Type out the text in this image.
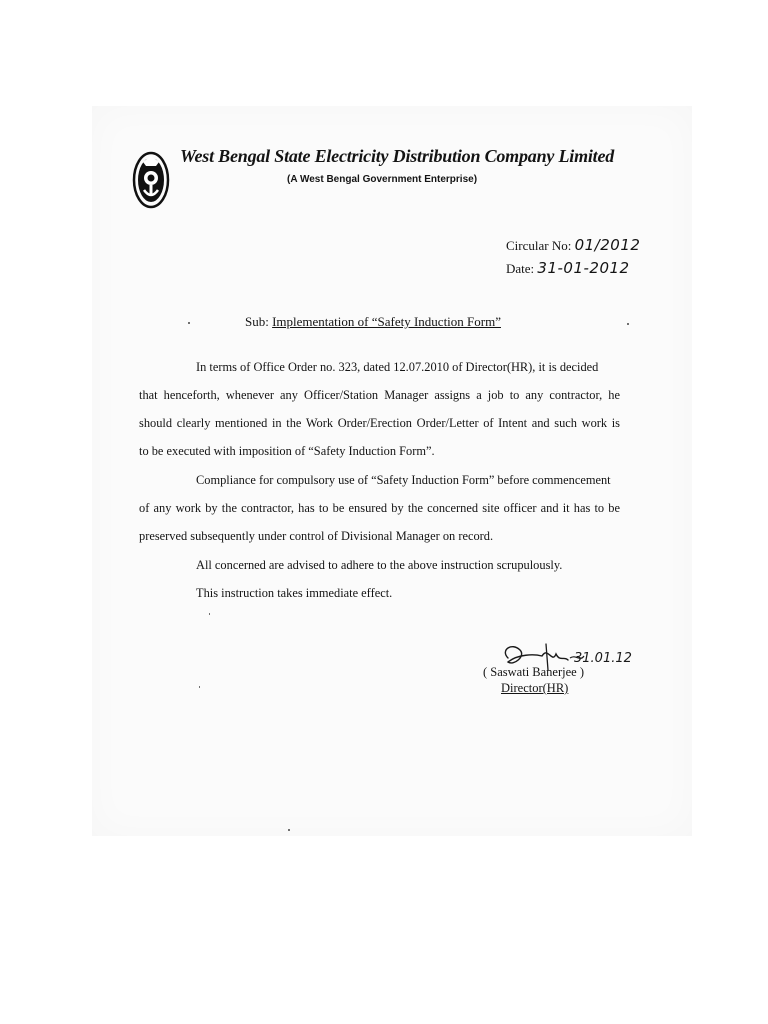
West Bengal State Electricity Distribution Company Limited
(A West Bengal Government Enterprise)
Circular No: 01/2012
Date: 31-01-2012
Sub: Implementation of “Safety Induction Form”
In terms of Office Order no. 323, dated 12.07.2010 of Director(HR), it is decided
that henceforth, whenever any Officer/Station Manager assigns a job to any contractor, he
should clearly mentioned in the Work Order/Erection Order/Letter of Intent and such work is
to be executed with imposition of “Safety Induction Form”.
Compliance for compulsory use of “Safety Induction Form” before commencement
of any work by the contractor, has to be ensured by the concerned site officer and it has to be
preserved subsequently under control of Divisional Manager on record.
All concerned are advised to adhere to the above instruction scrupulously.
This instruction takes immediate effect.
31.01.12
( Saswati Banerjee )
Director(HR)
